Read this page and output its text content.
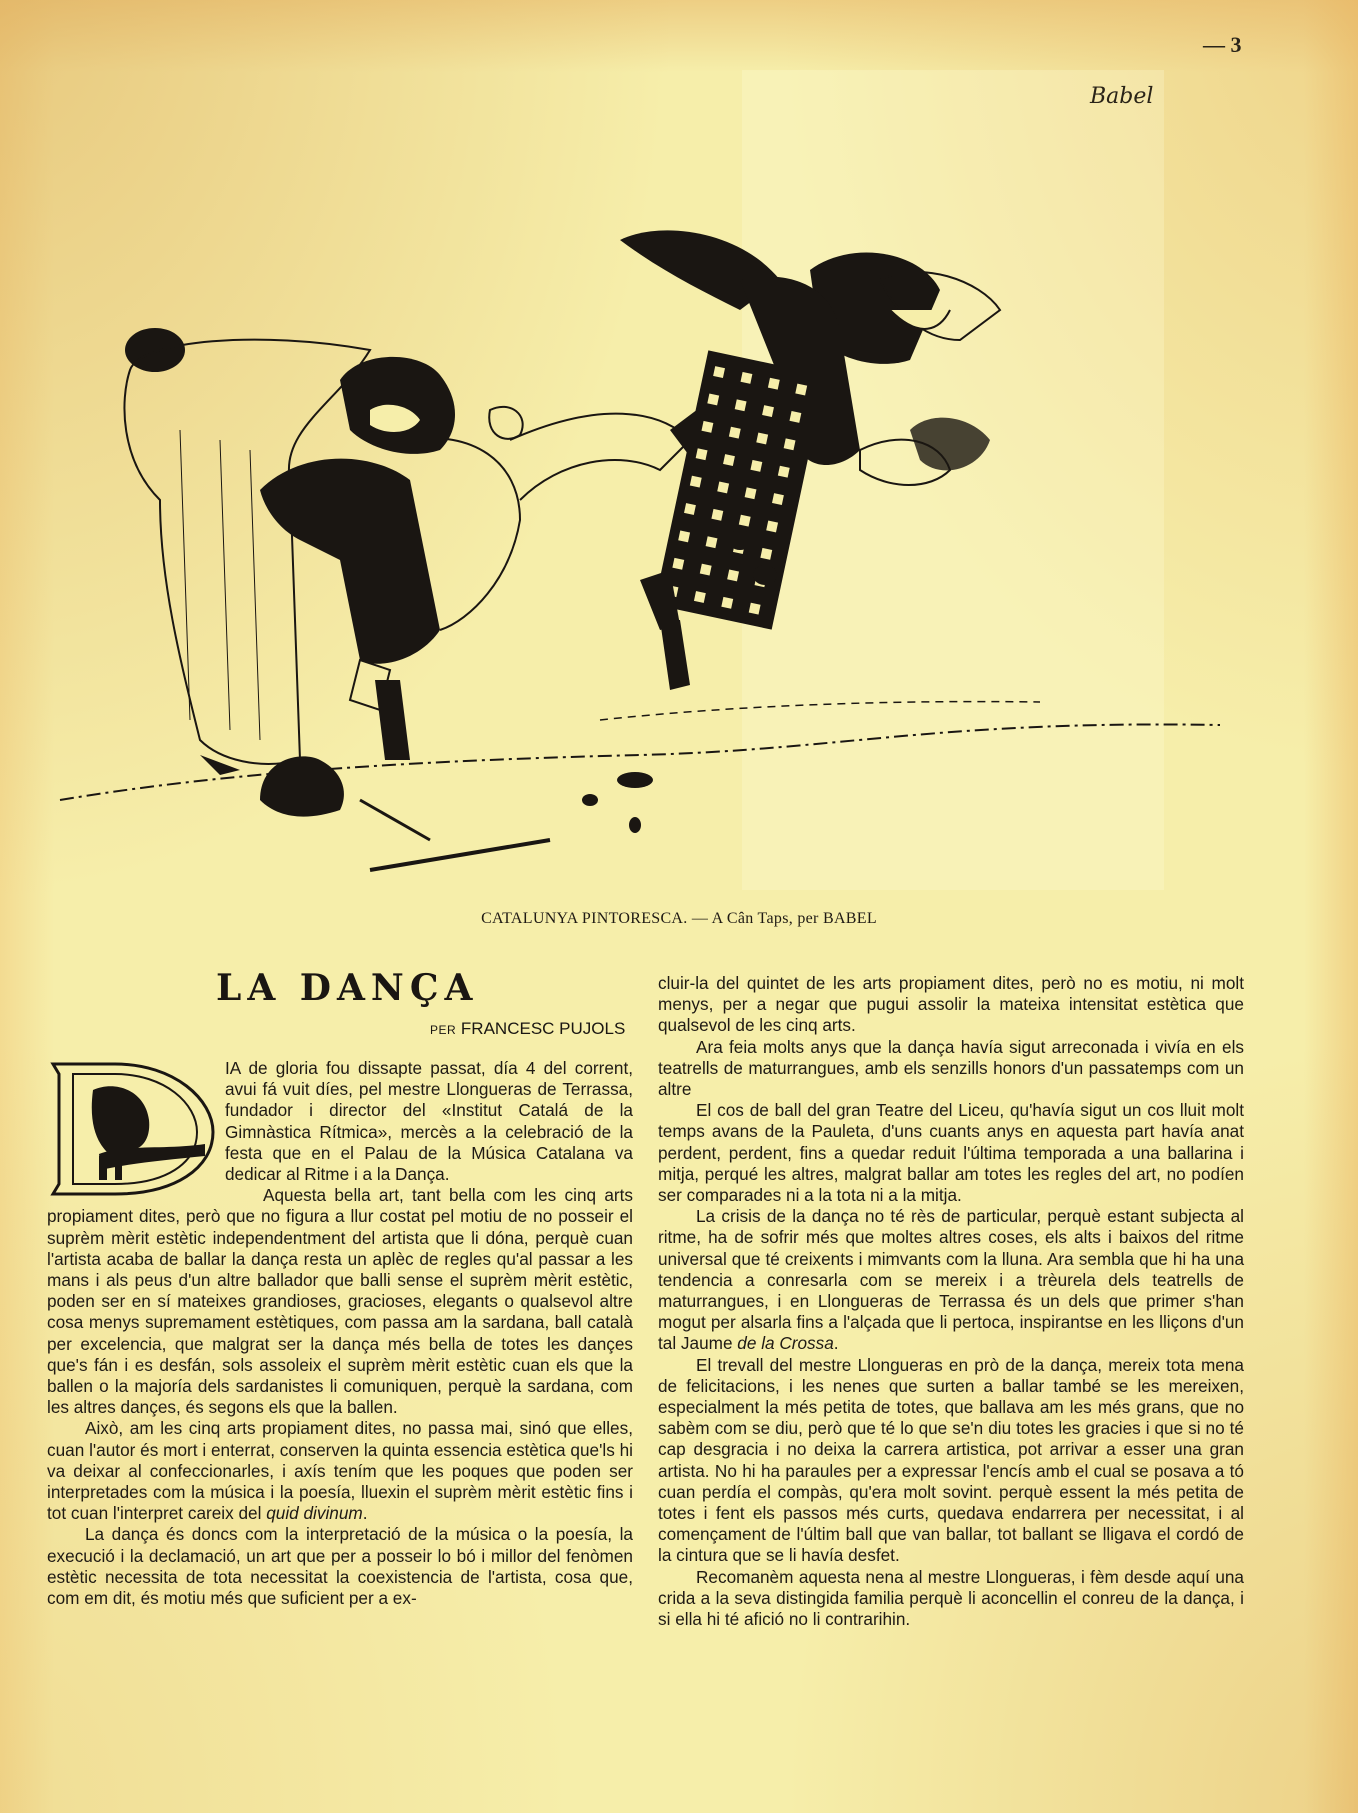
— 3
Babel
CATALUNYA PINTORESCA. — A Cân Taps, per BABEL
LA DANÇA
PER FRANCESC PUJOLS

IA de gloria fou dissapte passat, día 4 del corrent, avui fá vuit díes, pel mestre Llongueras de Terrassa, fundador i director del «Institut Catalá de la Gimnàstica Rítmica», mercès a la celebració de la festa que en el Palau de la Música Catalana va dedicar al Ritme i a la Dança.

Aquesta bella art, tant bella com les cinq arts propiament dites, però que no figura a llur costat pel motiu de no posseir el suprèm mèrit estètic independentment del artista que li dóna, perquè cuan l'artista acaba de ballar la dança resta un aplèc de regles qu'al passar a les mans i als peus d'un altre ballador que balli sense el suprèm mèrit estètic, poden ser en sí mateixes grandioses, gracioses, elegants o qualsevol altre cosa menys supremament estètiques, com passa am la sardana, ball català per excelencia, que malgrat ser la dança més bella de totes les dançes que's fán i es desfán, sols assoleix el suprèm mèrit estètic cuan els que la ballen o la majoría dels sardanistes li comuniquen, perquè la sardana, com les altres dançes, és segons els que la ballen.

Això, am les cinq arts propiament dites, no passa mai, sinó que elles, cuan l'autor és mort i enterrat, conserven la quinta essencia estètica que'ls hi va deixar al confeccionarles, i axís tením que les poques que poden ser interpretades com la música i la poesía, lluexin el suprèm mèrit estètic fins i tot cuan l'interpret careix del quid divinum.

La dança és doncs com la interpretació de la música o la poesía, la execució i la declamació, un art que per a posseir lo bó i millor del fenòmen estètic necessita de tota necessitat la coexistencia de l'artista, cosa que, com em dit, és motiu més que suficient per a ex-

cluir-la del quintet de les arts propiament dites, però no es motiu, ni molt menys, per a negar que pugui assolir la mateixa intensitat estètica que qualsevol de les cinq arts.

Ara feia molts anys que la dança havía sigut arreconada i vivía en els teatrells de maturrangues, amb els senzills honors d'un passatemps com un altre

El cos de ball del gran Teatre del Liceu, qu'havía sigut un cos lluit molt temps avans de la Pauleta, d'uns cuants anys en aquesta part havía anat perdent, perdent, fins a quedar reduit l'última temporada a una ballarina i mitja, perqué les altres, malgrat ballar am totes les regles del art, no podíen ser comparades ni a la tota ni a la mitja.

La crisis de la dança no té rès de particular, perquè estant subjecta al ritme, ha de sofrir més que moltes altres coses, els alts i baixos del ritme universal que té creixents i mimvants com la lluna. Ara sembla que hi ha una tendencia a conresarla com se mereix i a trèurela dels teatrells de maturrangues, i en Llongueras de Terrassa és un dels que primer s'han mogut per alsarla fins a l'alçada que li pertoca, inspirantse en les lliçons d'un tal Jaume de la Crossa.

El trevall del mestre Llongueras en prò de la dança, mereix tota mena de felicitacions, i les nenes que surten a ballar també se les mereixen, especialment la més petita de totes, que ballava am les més grans, que no sabèm com se diu, però que té lo que se'n diu totes les gracies i que si no té cap desgracia i no deixa la carrera artistica, pot arrivar a esser una gran artista. No hi ha paraules per a expressar l'encís amb el cual se posava a tó cuan perdía el compàs, qu'era molt sovint. perquè essent la més petita de totes i fent els passos més curts, quedava endarrera per necessitat, i al començament de l'últim ball que van ballar, tot ballant se lligava el cordó de la cintura que se li havía desfet.

Recomanèm aquesta nena al mestre Llongueras, i fèm desde aquí una crida a la seva distingida familia perquè li aconcellin el conreu de la dança, i si ella hi té afició no li contrarihin.
